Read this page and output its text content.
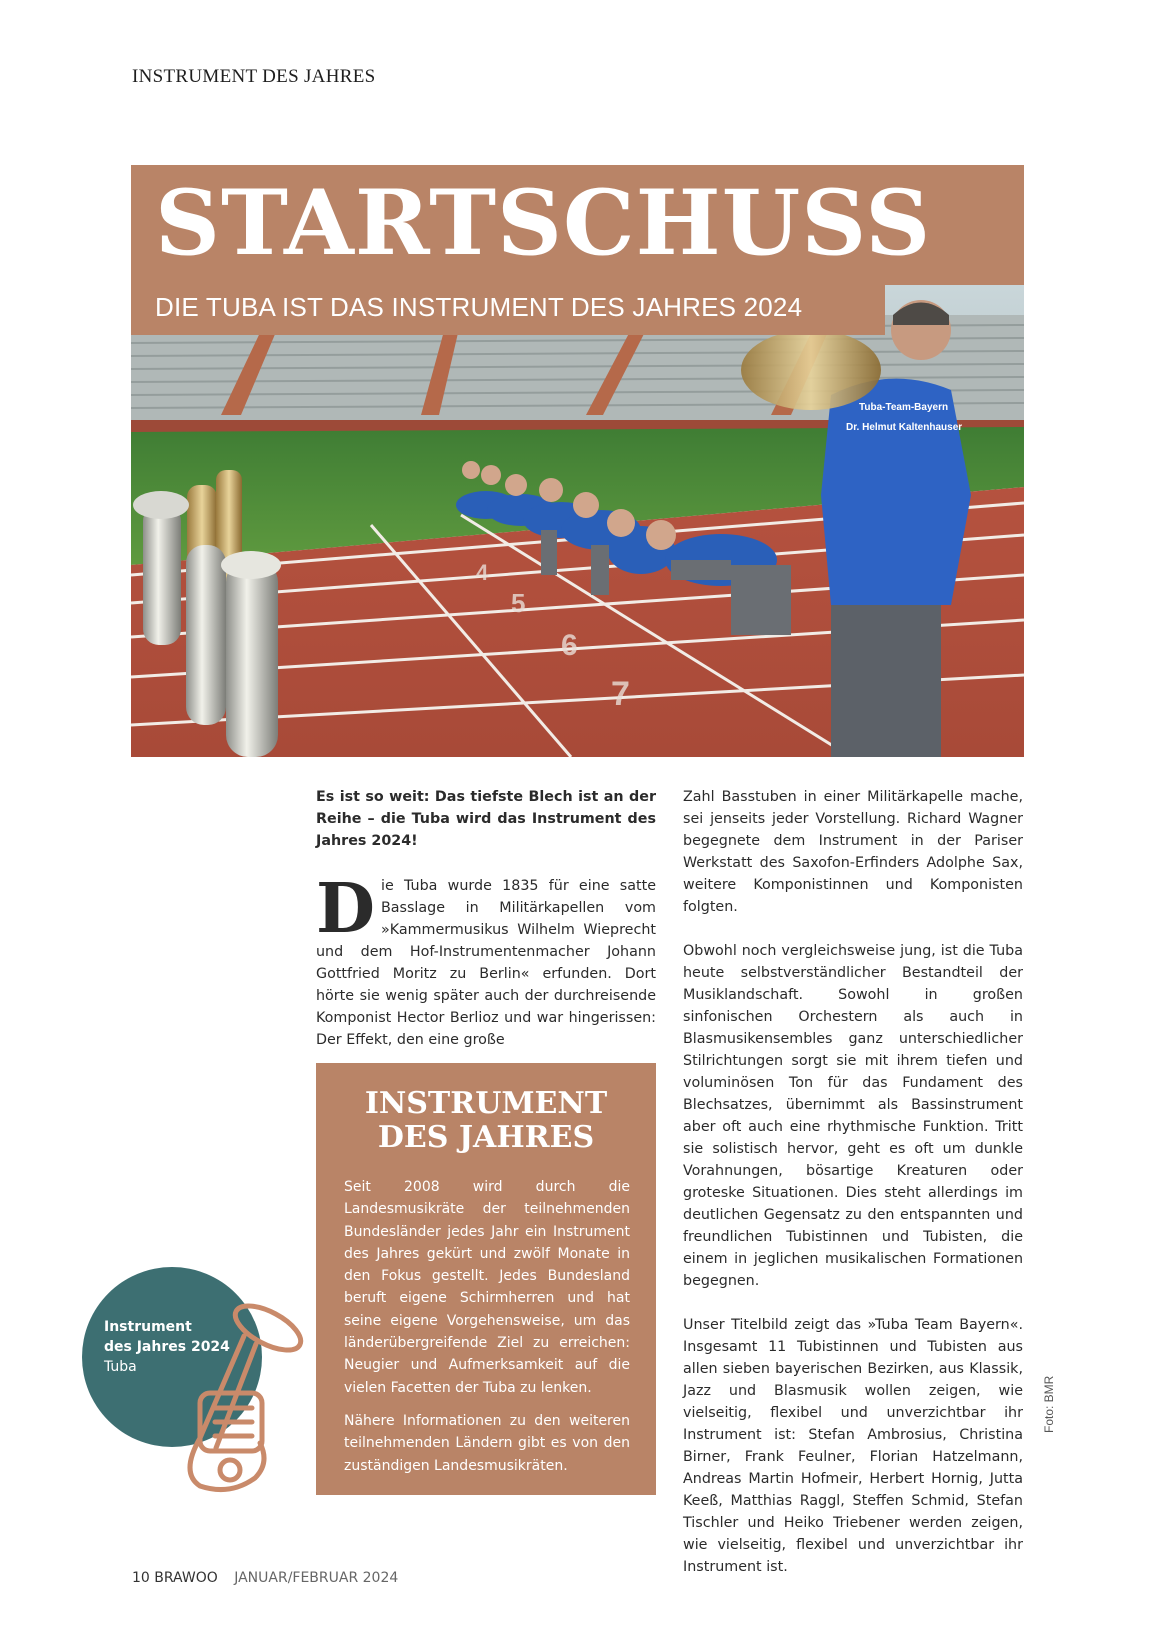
INSTRUMENT DES JAHRES
4
5
6
7
Tuba-Team-Bayern
Dr. Helmut Kaltenhauser
STARTSCHUSS
DIE TUBA IST DAS INSTRUMENT DES JAHRES 2024

Es ist so weit: Das tiefste Blech ist an der Reihe – die Tuba wird das Instrument des Jahres 2024!

Die Tuba wurde 1835 für eine satte Basslage in Militärkapellen vom »Kammermusikus Wilhelm Wieprecht und dem Hof-Instrumentenmacher Johann Gottfried Moritz zu Berlin« erfunden. Dort hörte sie wenig später auch der durchreisende Komponist Hector Berlioz und war hingerissen: Der Effekt, den eine große

Zahl Basstuben in einer Militärkapelle mache, sei jenseits jeder Vorstellung. Richard Wagner begegnete dem Instrument in der Pariser Werkstatt des Saxofon-Erfinders Adolphe Sax, weitere Komponistinnen und Komponisten folgten.

Obwohl noch vergleichsweise jung, ist die Tuba heute selbstverständlicher Bestandteil der Musiklandschaft. Sowohl in großen sinfonischen Orchestern als auch in Blasmusikensembles ganz unterschiedlicher Stilrichtungen sorgt sie mit ihrem tiefen und voluminösen Ton für das Fundament des Blechsatzes, übernimmt als Bassinstrument aber oft auch eine rhythmische Funktion. Tritt sie solistisch hervor, geht es oft um dunkle Vorahnungen, bösartige Kreaturen oder groteske Situationen. Dies steht allerdings im deutlichen Gegensatz zu den entspannten und freundlichen Tubistinnen und Tubisten, die einem in jeglichen musikalischen Formationen begegnen.

Unser Titelbild zeigt das »Tuba Team Bayern«. Insgesamt 11 Tubistinnen und Tubisten aus allen sieben bayerischen Bezirken, aus Klassik, Jazz und Blasmusik wollen zeigen, wie vielseitig, flexibel und unverzichtbar ihr Instrument ist: Stefan Ambrosius, Christina Birner, Frank Feulner, Florian Hatzelmann, Andreas Martin Hofmeir, Herbert Hornig, Jutta Keeß, Matthias Raggl, Steffen Schmid, Stefan Tischler und Heiko Triebener werden zeigen, wie vielseitig, flexibel und unverzichtbar ihr Instrument ist.

INSTRUMENT
DES JAHRES

Seit 2008 wird durch die Landesmusikräte der teilnehmenden Bundesländer jedes Jahr ein Instrument des Jahres gekürt und zwölf Monate in den Fokus gestellt. Jedes Bundesland beruft eigene Schirmherren und hat seine eigene Vorgehensweise, um das länderübergreifende Ziel zu erreichen: Neugier und Aufmerksamkeit auf die vielen Facetten der Tuba zu lenken.

Nähere Informationen zu den weiteren teilnehmenden Ländern gibt es von den zuständigen Landesmusikräten.

Instrument
des Jahres 2024
Tuba
Foto: BMR
10 BRAWOO JANUAR/FEBRUAR 2024
